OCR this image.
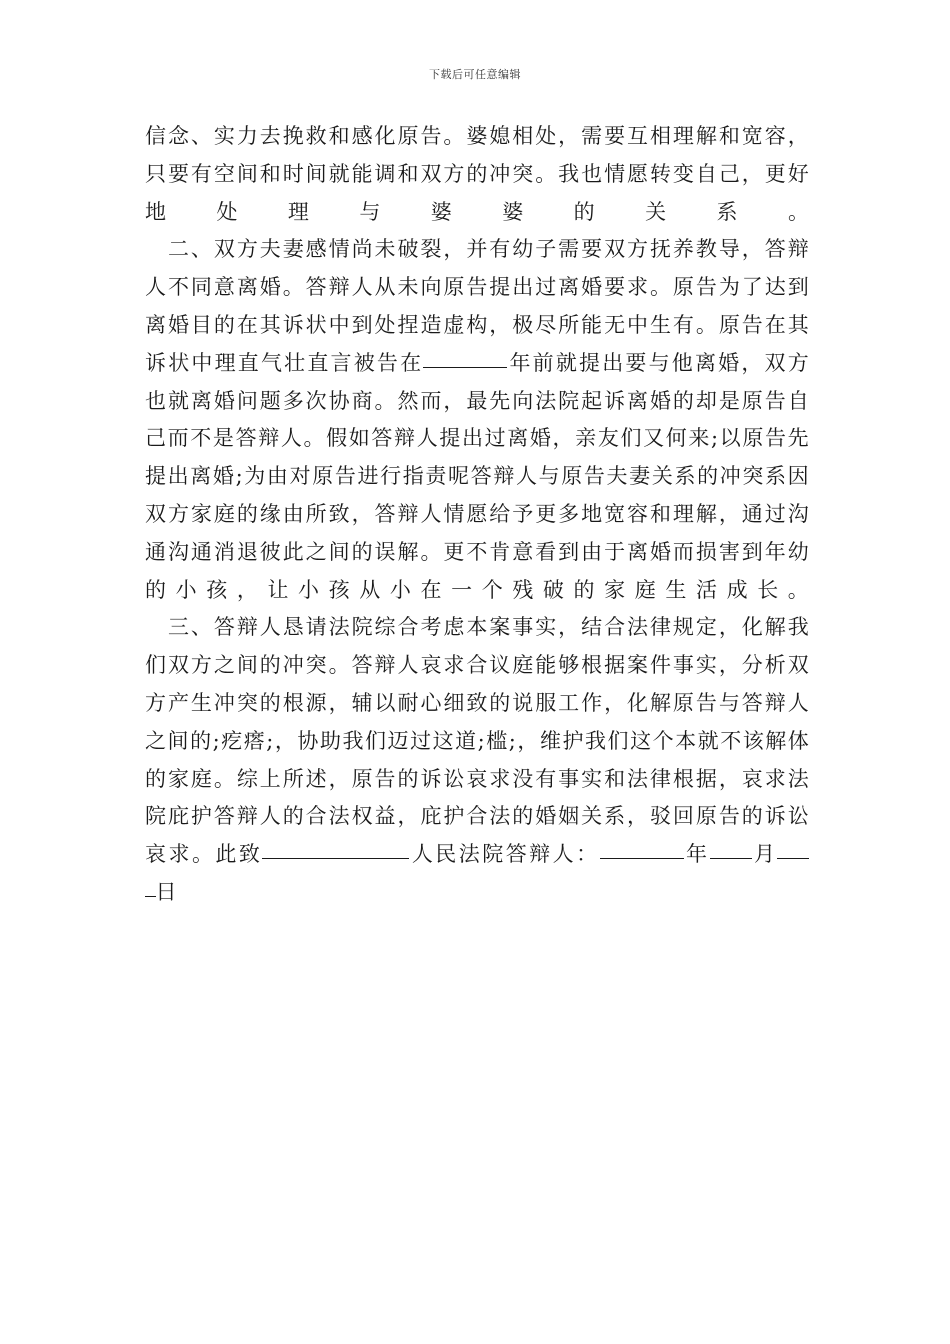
下载后可任意编辑
信 念 、 实 力 去 挽 救 和 感 化 原 告 。 婆 媳 相 处 ， 需 要 互 相 理 解 和 宽 容 ，
只 要 有 空 间 和 时 间 就 能 调 和 双 方 的 冲 突 。 我 也 情 愿 转 变 自 己 ， 更 好
地 处 理 与 婆 婆 的 关 系 。

二 、 双 方 夫 妻 感 情 尚 未 破 裂 ， 并 有 幼 子 需 要 双 方 抚 养 教 导 ， 答 辩
人 不 同 意 离 婚 。 答 辩 人 从 未 向 原 告 提 出 过 离 婚 要 求 。 原 告 为 了 达 到
离 婚 目 的 在 其 诉 状 中 到 处 捏 造 虚 构 ， 极 尽 所 能 无 中 生 有 。 原 告 在 其
诉 状 中 理 直 气 壮 直 言 被 告 在	年 前 就 提 出 要 与 他 离 婚 ， 双 方
也 就 离 婚 问 题 多 次 协 商 。 然 而 ， 最 先 向 法 院 起 诉 离 婚 的 却 是 原 告 自
己 而 不 是 答 辩 人 。 假 如 答 辩 人 提 出 过 离 婚 ， 亲 友 们 又 何 来 ; 以 原 告 先
提 出 离 婚 ; 为 由 对 原 告 进 行 指 责 呢 答 辩 人 与 原 告 夫 妻 关 系 的 冲 突 系 因
双 方 家 庭 的 缘 由 所 致 ， 答 辩 人 情 愿 给 予 更 多 地 宽 容 和 理 解 ， 通 过 沟
通 沟 通 消 退 彼 此 之 间 的 误 解 。 更 不 肯 意 看 到 由 于 离 婚 而 损 害 到 年 幼
的 小 孩 ， 让 小 孩 从 小 在 一 个 残 破 的 家 庭 生 活 成 长 。

三 、 答 辩 人 恳 请 法 院 综 合 考 虑 本 案 事 实 ， 结 合 法 律 规 定 ， 化 解 我
们 双 方 之 间 的 冲 突 。 答 辩 人 哀 求 合 议 庭 能 够 根 据 案 件 事 实 ， 分 析 双
方 产 生 冲 突 的 根 源 ， 辅 以 耐 心 细 致 的 说 服 工 作 ， 化 解 原 告 与 答 辩 人
之 间 的 ; 疙 瘩 ; ， 协 助 我 们 迈 过 这 道 ; 槛 ; ， 维 护 我 们 这 个 本 就 不 该 解 体
的 家 庭 。 综 上 所 述 ， 原 告 的 诉 讼 哀 求 没 有 事 实 和 法 律 根 据 ， 哀 求 法
院 庇 护 答 辩 人 的 合 法 权 益 ， 庇 护 合 法 的 婚 姻 关 系 ， 驳 回 原 告 的 诉 讼
哀 求 。 此 致	人 民 法 院 答 辩 人 ：	年 月
日
